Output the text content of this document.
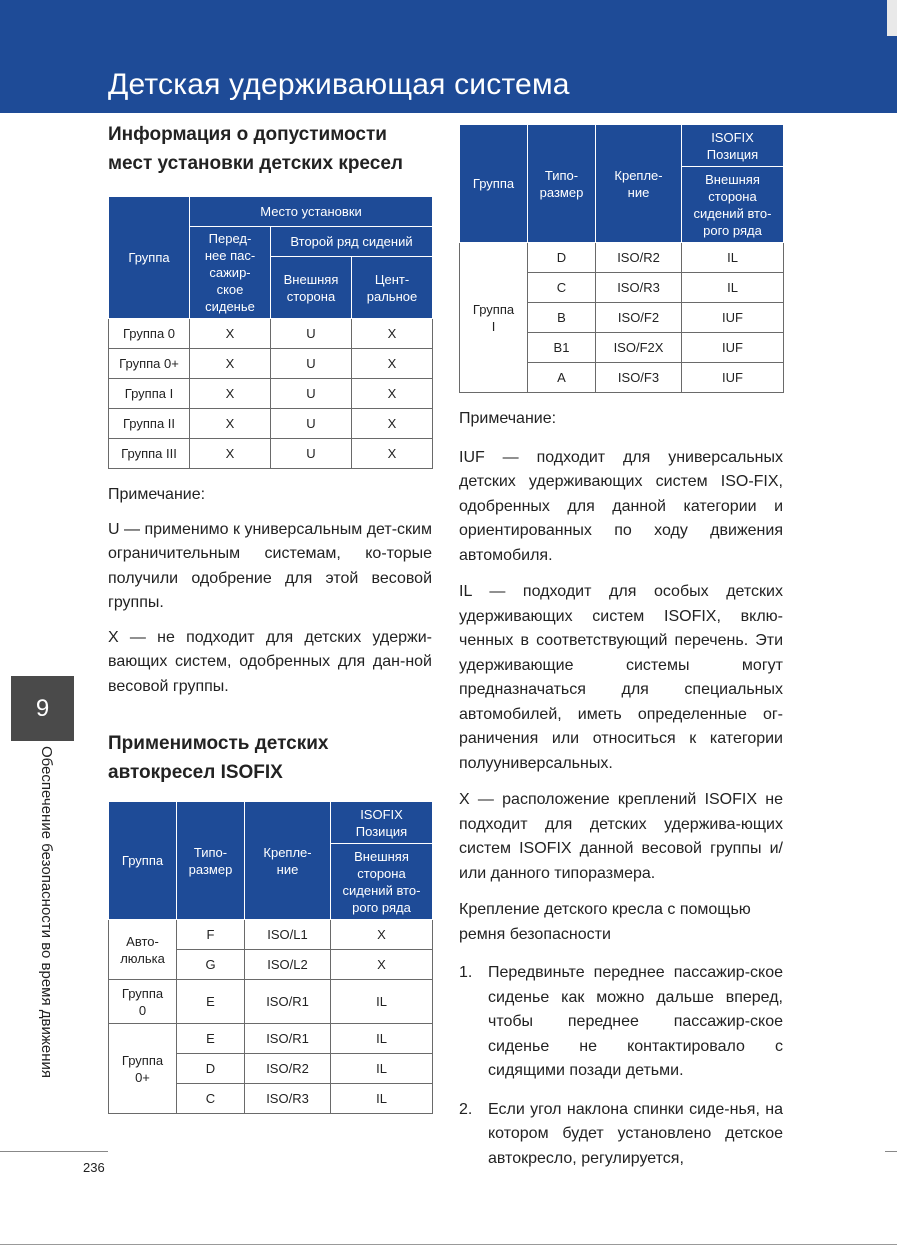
Детская удерживающая система
9
Обеспечение безопасности во время движения
Информация о допустимости
мест установки детских кресел
Группа	Место установки		
	Перед-
нее пас-
сажир-
ское
сиденье	Второй ряд сидений	
		Внешняя
сторона	Цент-
ральное
Группа 0	X	U	X
Группа 0+	X	U	X
Группа I	X	U	X
Группа II	X	U	X
Группа III	X	U	X
Примечание:
U — применимо к универсальным дет-ским ограничительным системам, ко-торые получили одобрение для этой весовой группы.
X — не подходит для детских удержи-вающих систем, одобренных для дан-ной весовой группы.
Применимость детских
автокресел ISOFIX
Группа	Типо-
размер	Крепле-
ние	ISOFIX
Позиция
			Внешняя
сторона
сидений вто-
рого ряда
Авто-
люлька	F	ISO/L1	X
	G	ISO/L2	X
Группа
0	E	ISO/R1	IL
Группа
0+	E	ISO/R1	IL
	D	ISO/R2	IL
	C	ISO/R3	IL
Группа	Типо-
размер	Крепле-
ние	ISOFIX
Позиция
			Внешняя
сторона
сидений вто-
рого ряда
Группа
I	D	ISO/R2	IL
	C	ISO/R3	IL
	B	ISO/F2	IUF
	B1	ISO/F2X	IUF
	A	ISO/F3	IUF
Примечание:
IUF — подходит для универсальных детских удерживающих систем ISO-FIX, одобренных для данной категории и ориентированных по ходу движения автомобиля.
IL — подходит для особых детских удерживающих систем ISOFIX, вклю-ченных в соответствующий перечень. Эти удерживающие системы могут предназначаться для специальных автомобилей, иметь определенные ог-раничения или относиться к категории полууниверсальных.
X — расположение креплений ISOFIX не подходит для детских удержива-ющих систем ISOFIX данной весовой группы и/или данного типоразмера.
Крепление детского кресла с помощью ремня безопасности
1. Передвиньте переднее пассажир-ское сиденье как можно дальше вперед, чтобы переднее пассажир-ское сиденье не контактировало с сидящими позади детьми.
2. Если угол наклона спинки сиде-нья, на котором будет установлено детское автокресло, регулируется,
236
